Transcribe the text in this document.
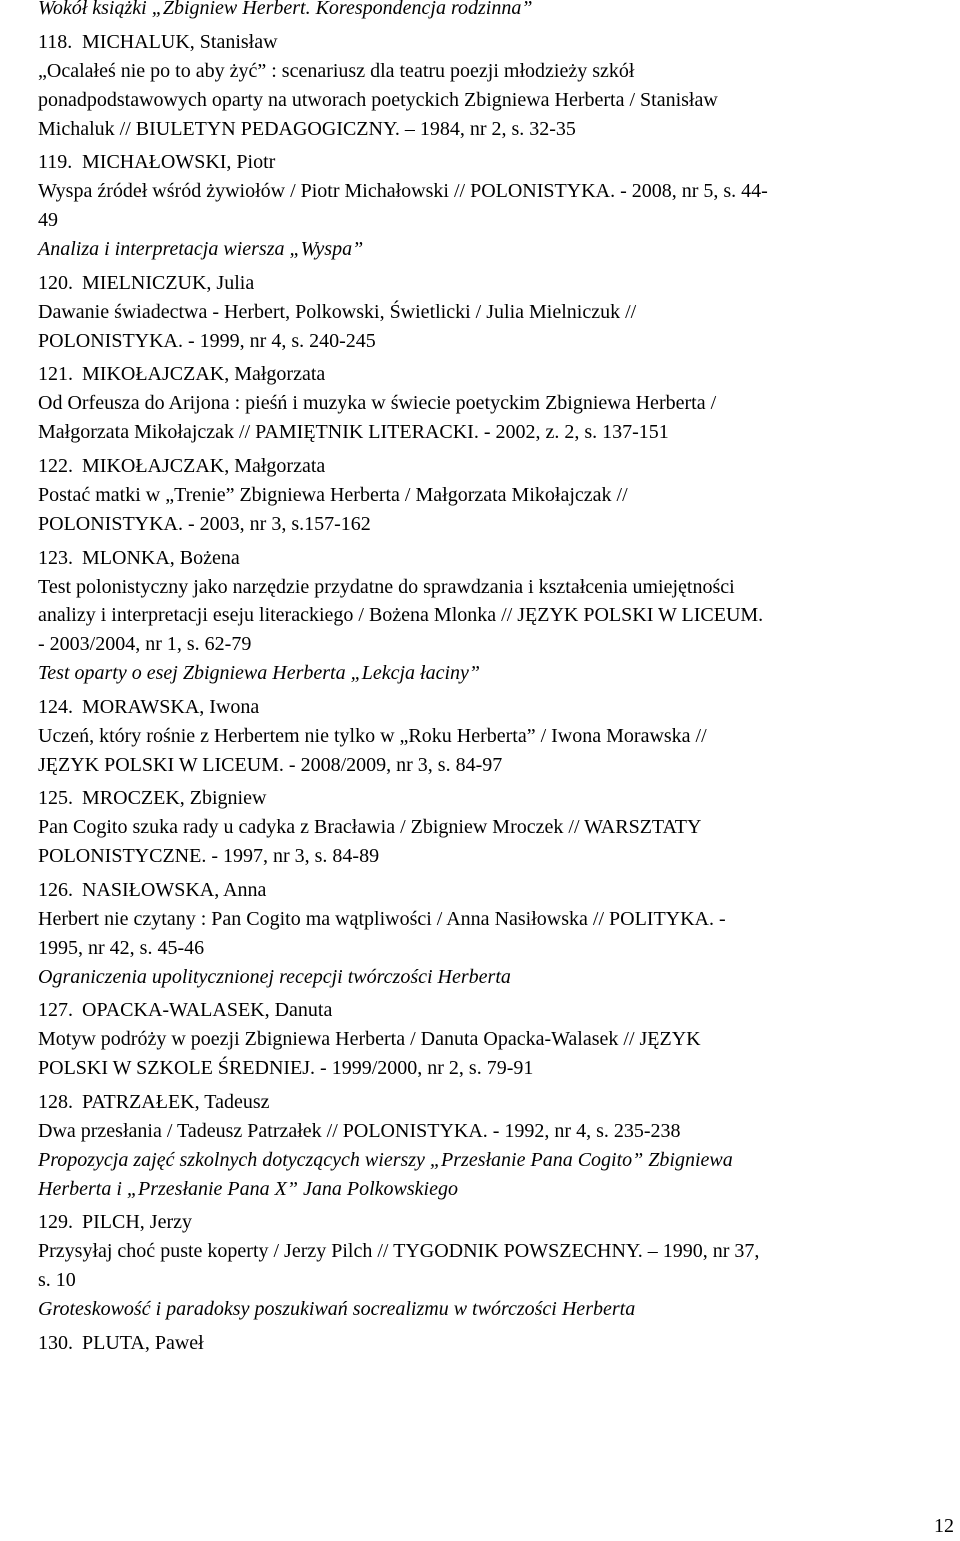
Wokół książki „Zbigniew Herbert. Korespondencja rodzinna”
118. MICHALUK, Stanisław
„Ocalałeś nie po to aby żyć” : scenariusz dla teatru poezji młodzieży szkół
ponadpodstawowych oparty na utworach poetyckich Zbigniewa Herberta / Stanisław
Michaluk // BIULETYN PEDAGOGICZNY. – 1984, nr 2, s. 32-35
119. MICHAŁOWSKI, Piotr
Wyspa źródeł wśród żywiołów / Piotr Michałowski // POLONISTYKA. - 2008, nr 5, s. 44-
49
Analiza i interpretacja wiersza „Wyspa”
120. MIELNICZUK, Julia
Dawanie świadectwa - Herbert, Polkowski, Świetlicki / Julia Mielniczuk //
POLONISTYKA. - 1999, nr 4, s. 240-245
121. MIKOŁAJCZAK, Małgorzata
Od Orfeusza do Arijona : pieśń i muzyka w świecie poetyckim Zbigniewa Herberta /
Małgorzata Mikołajczak // PAMIĘTNIK LITERACKI. - 2002, z. 2, s. 137-151
122. MIKOŁAJCZAK, Małgorzata
Postać matki w „Trenie” Zbigniewa Herberta / Małgorzata Mikołajczak //
POLONISTYKA. - 2003, nr 3, s.157-162
123. MLONKA, Bożena
Test polonistyczny jako narzędzie przydatne do sprawdzania i kształcenia umiejętności
analizy i interpretacji eseju literackiego / Bożena Mlonka // JĘZYK POLSKI W LICEUM.
- 2003/2004, nr 1, s. 62-79
Test oparty o esej Zbigniewa Herberta „Lekcja łaciny”
124. MORAWSKA, Iwona
Uczeń, który rośnie z Herbertem nie tylko w „Roku Herberta” / Iwona Morawska //
JĘZYK POLSKI W LICEUM. - 2008/2009, nr 3, s. 84-97
125. MROCZEK, Zbigniew
Pan Cogito szuka rady u cadyka z Bracławia / Zbigniew Mroczek // WARSZTATY
POLONISTYCZNE. - 1997, nr 3, s. 84-89
126. NASIŁOWSKA, Anna
Herbert nie czytany : Pan Cogito ma wątpliwości / Anna Nasiłowska // POLITYKA. -
1995, nr 42, s. 45-46
Ograniczenia upolitycznionej recepcji twórczości Herberta
127. OPACKA-WALASEK, Danuta
Motyw podróży w poezji Zbigniewa Herberta / Danuta Opacka-Walasek // JĘZYK
POLSKI W SZKOLE ŚREDNIEJ. - 1999/2000, nr 2, s. 79-91
128. PATRZAŁEK, Tadeusz
Dwa przesłania / Tadeusz Patrzałek // POLONISTYKA. - 1992, nr 4, s. 235-238
Propozycja zajęć szkolnych dotyczących wierszy „Przesłanie Pana Cogito” Zbigniewa
Herberta i „Przesłanie Pana X” Jana Polkowskiego
129. PILCH, Jerzy
Przysyłaj choć puste koperty / Jerzy Pilch // TYGODNIK POWSZECHNY. – 1990, nr 37,
s. 10
Groteskowość i paradoksy poszukiwań socrealizmu w twórczości Herberta
130. PLUTA, Paweł
12
